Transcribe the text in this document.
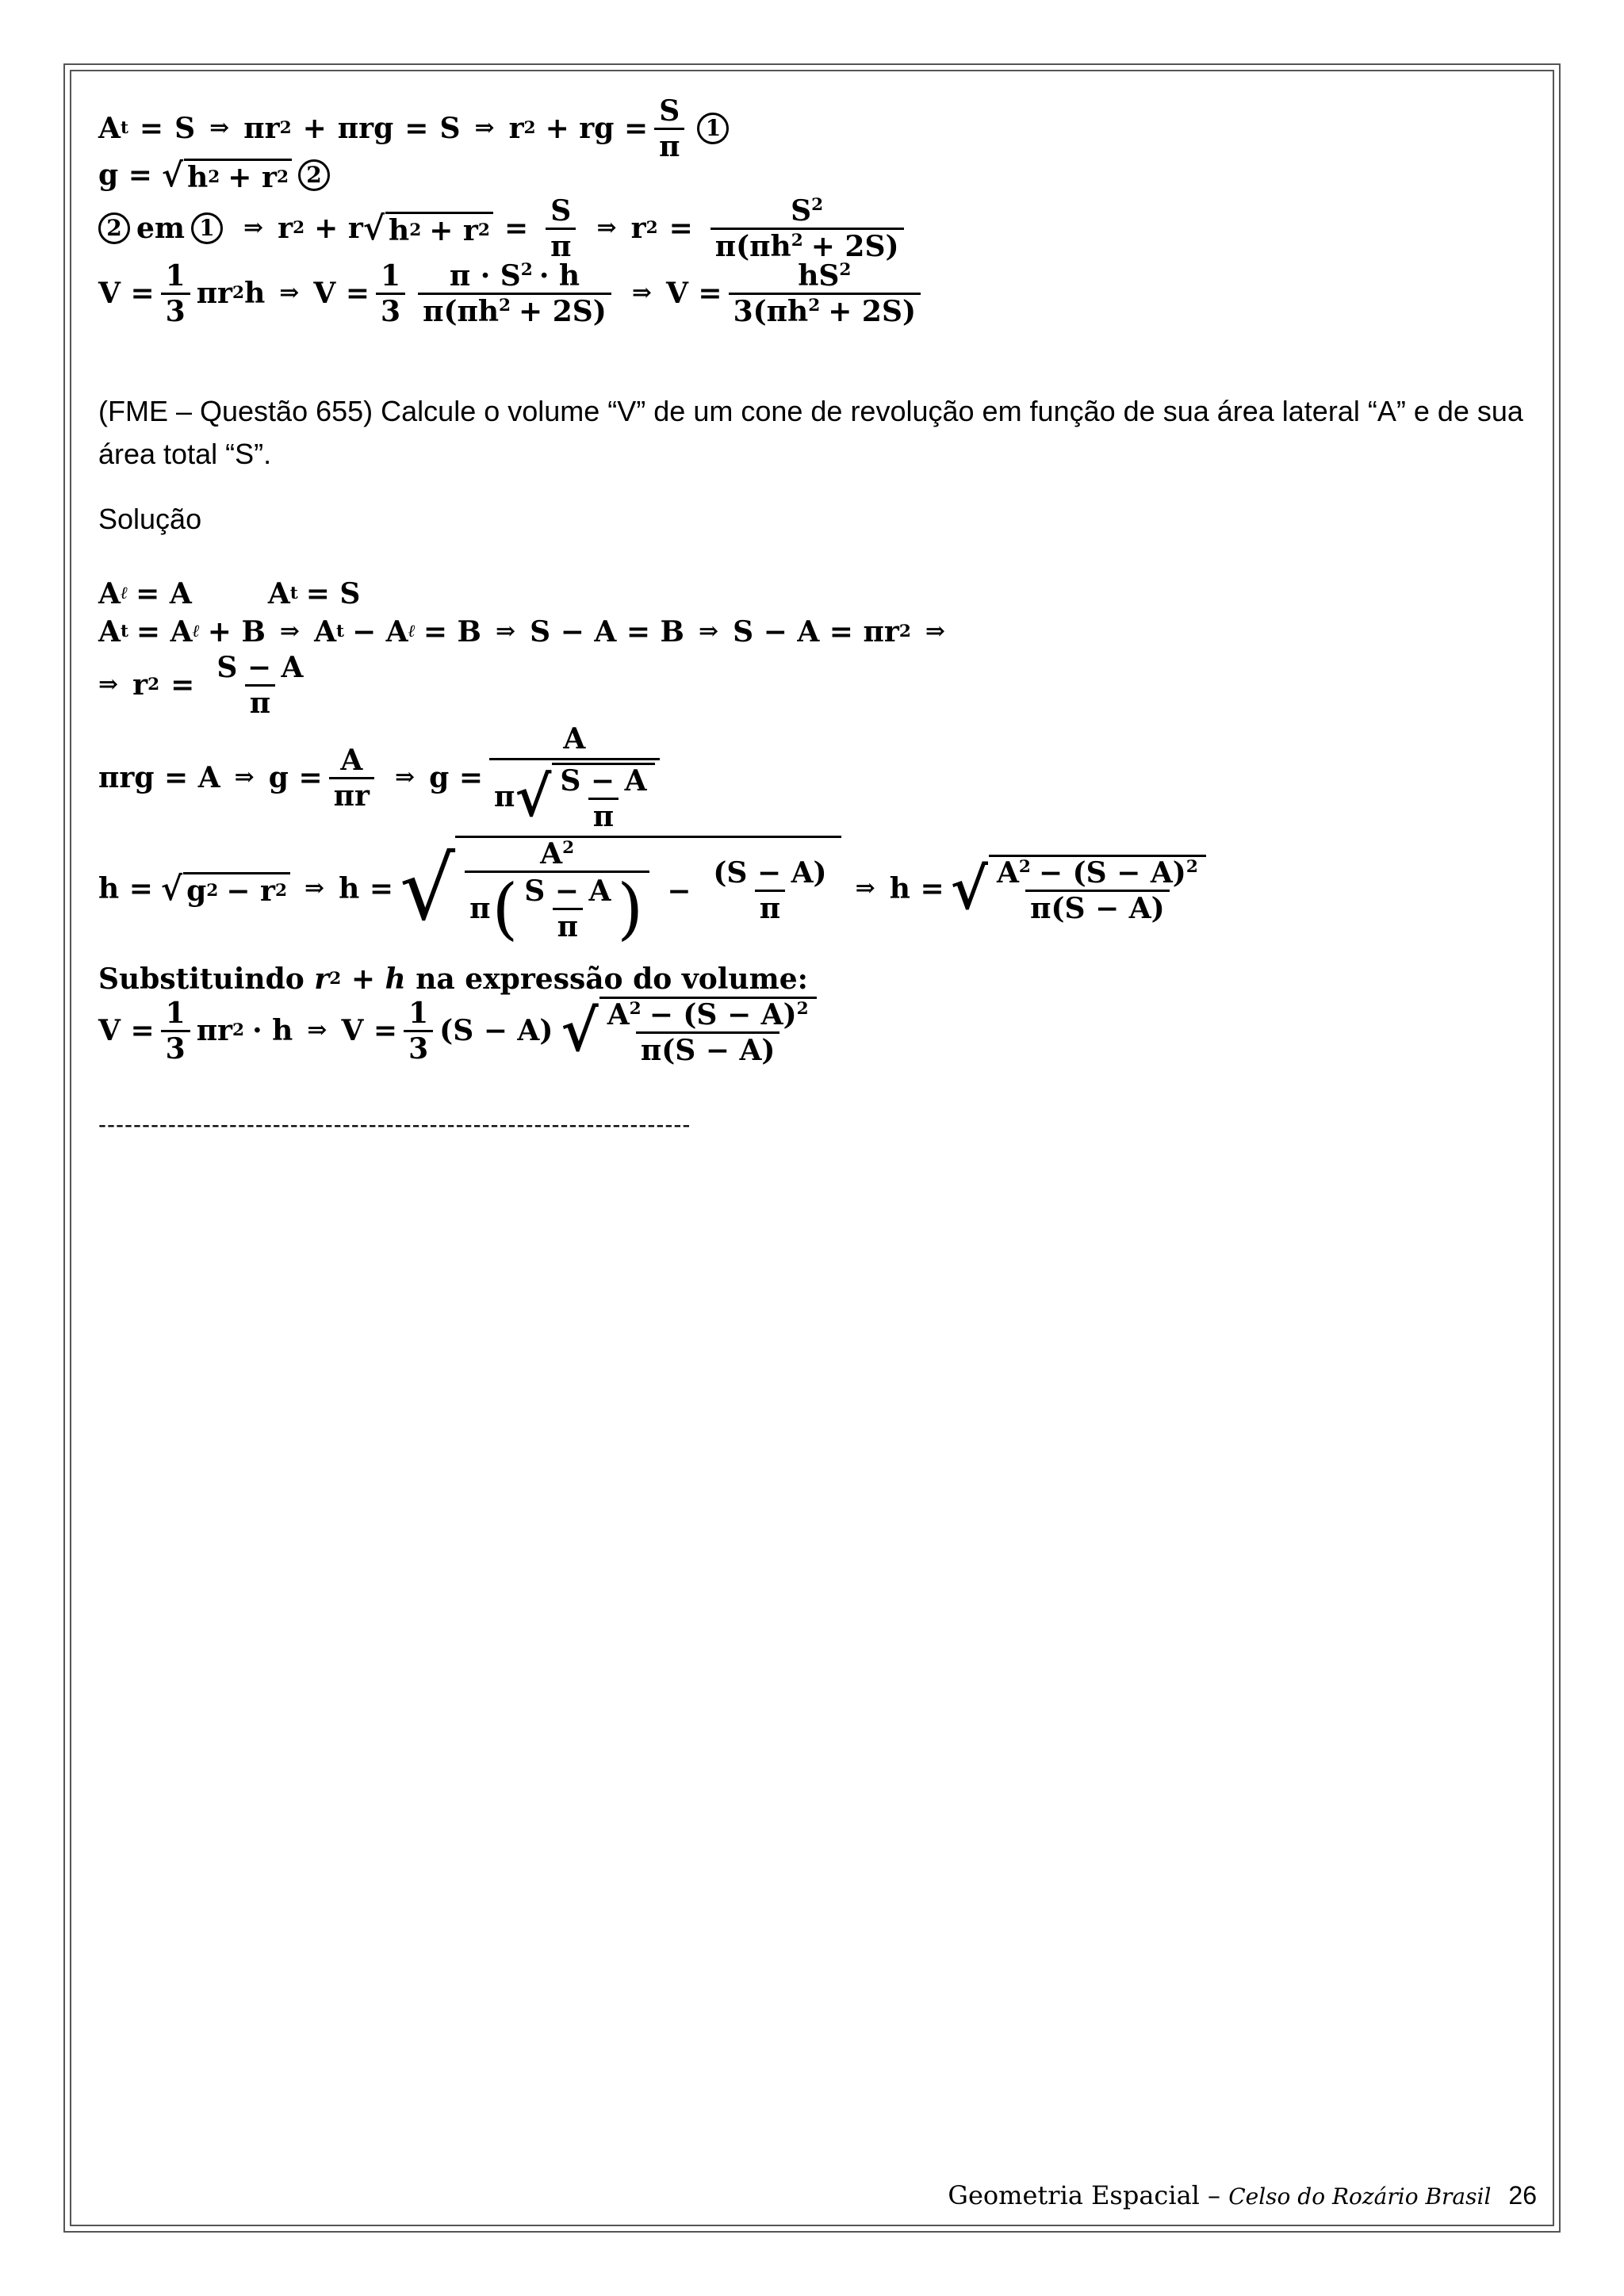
A t = S ⇒ πr 2 + πrg = S ⇒ r 2 + rg = $\frac{S}{\pi} 1$
g = √ h 2 + r 2 2
2 em 1	⇒ r 2 + r √ h 2 + r $2 = \frac{S}{\pi}$ ⇒ r $2 = \frac{S^2}{\pi(\pi h^2 + 2S)}$
$V = \frac{1}{3}$ πr 2 h ⇒ $V = \frac{1}{3} \frac{\pi \cdot S^2 \cdot h}{\pi(\pi h^2 + 2S)}$ ⇒ $V = \frac{hS^2}{3(\pi h^2 + 2S)}$

(FME – Questão 655) Calcule o volume “V” de um cone de revolução em função de sua área lateral “A” e de sua área total “S”.

Solução

A ℓ = A	A t = S
A t = A ℓ + B ⇒ A t − A ℓ = B ⇒ S − A = B ⇒ S − A = πr 2 ⇒
⇒ r $2 = \frac{S - A}{\pi}$
πrg = A ⇒ $g = \frac{A}{\pi r}$ ⇒ $g = \frac{A}{\pi √ \frac{S - A}{\pi}}$
h = √ g 2 − r 2 ⇒ h = √ $\frac{A^2}{\pi ( \frac{S - A}{\pi} )} - \frac{(S - A)}{\pi}$ ⇒ h = √ $\frac{A^2 - (S - A)^2}{\pi(S - A)}$
Substituindo r 2 + h na expressão do volume:
$V = \frac{1}{3}$ πr 2 · h ⇒ $V = \frac{1}{3} (S - A)$ √ $\frac{A^2 - (S - A)^2}{\pi(S - A)}$
--------------------------------------------------------------------
Geometria Espacial – Celso do Rozário Brasil 26
